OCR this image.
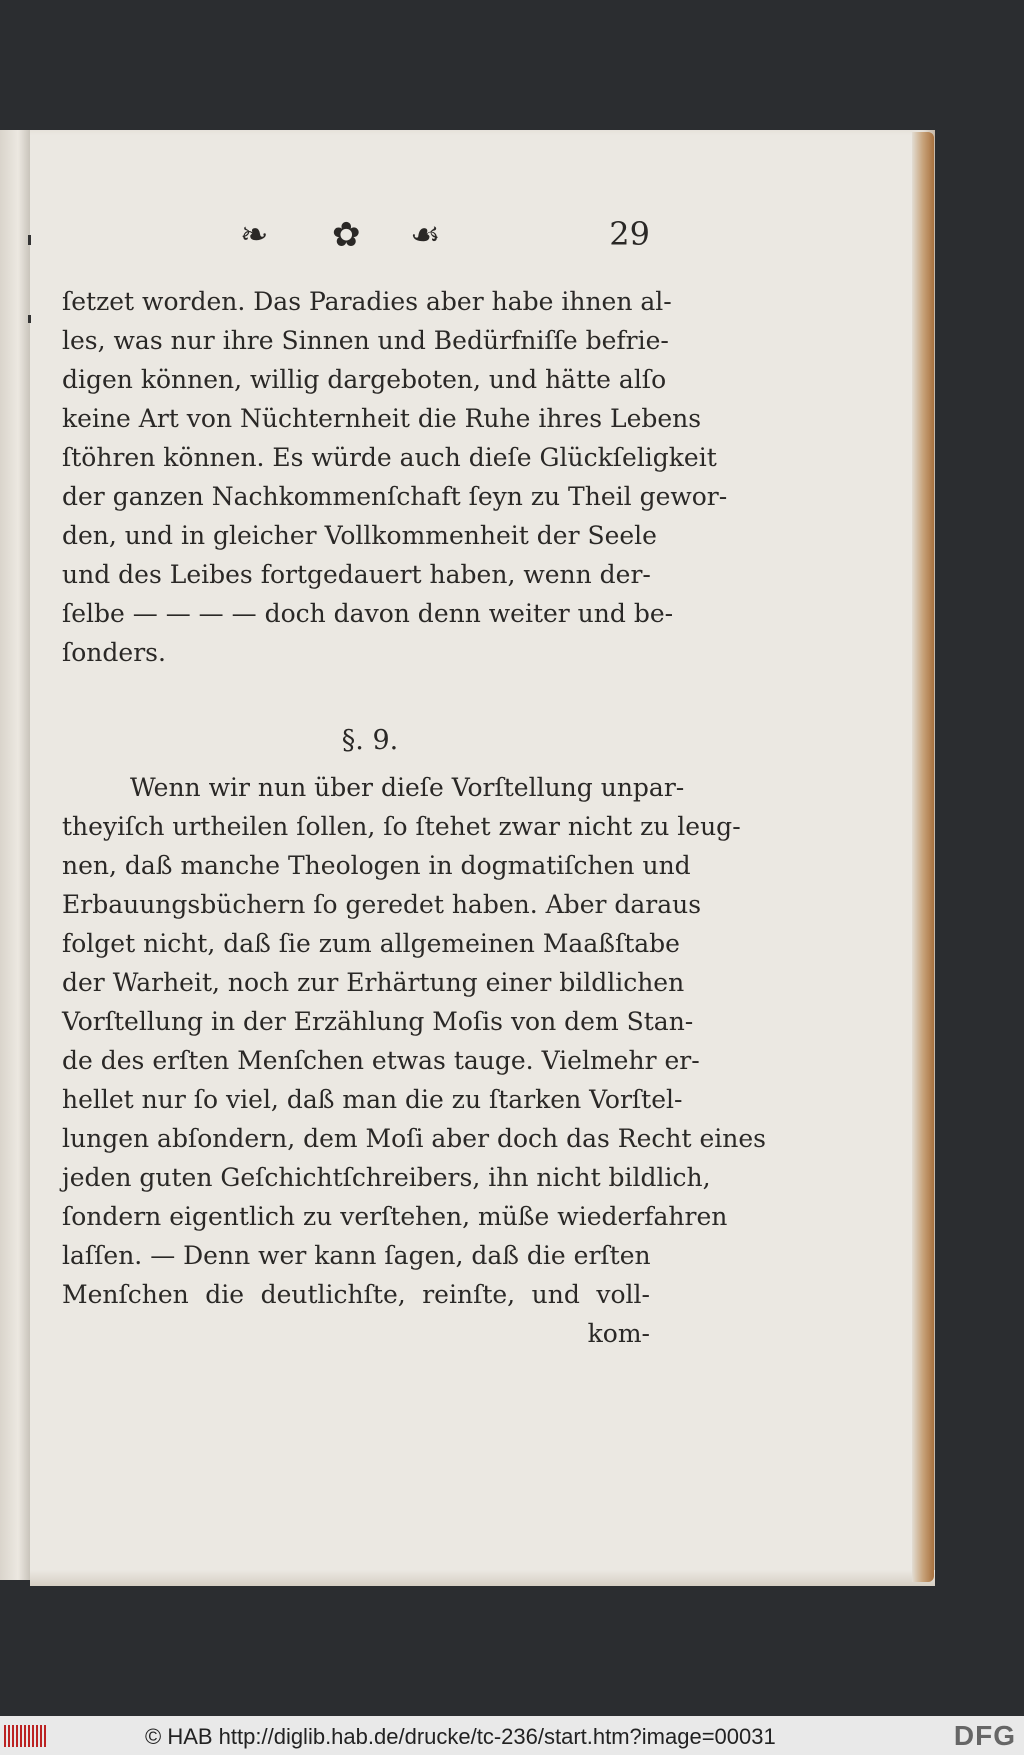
❧ ✿ ☙	29
ſetzet worden. Das Paradies aber habe ihnen al-
les, was nur ihre Sinnen und Bedürfniſſe befrie-
digen können, willig dargeboten, und hätte alſo
keine Art von Nüchternheit die Ruhe ihres Lebens
ſtöhren können. Es würde auch dieſe Glückſeligkeit
der ganzen Nachkommenſchaft ſeyn zu Theil gewor-
den, und in gleicher Vollkommenheit der Seele
und des Leibes fortgedauert haben, wenn der-
ſelbe — — — — doch davon denn weiter und be-
ſonders.
§. 9.
Wenn wir nun über dieſe Vorſtellung unpar-
theyiſch urtheilen ſollen, ſo ſtehet zwar nicht zu leug-
nen, daß manche Theologen in dogmatiſchen und
Erbauungsbüchern ſo geredet haben. Aber daraus
folget nicht, daß ſie zum allgemeinen Maaßſtabe
der Warheit, noch zur Erhärtung einer bildlichen
Vorſtellung in der Erzählung Moſis von dem Stan-
de des erſten Menſchen etwas tauge. Vielmehr er-
hellet nur ſo viel, daß man die zu ſtarken Vorſtel-
lungen abſondern, dem Moſi aber doch das Recht eines
jeden guten Geſchichtſchreibers, ihn nicht bildlich,
ſondern eigentlich zu verſtehen, müße wiederfahren
laſſen. — Denn wer kann ſagen, daß die erſten
Menſchen die deutlichſte, reinſte, und voll-
kom-
© HAB http://diglib.hab.de/drucke/tc-236/start.htm?image=00031	DFG
